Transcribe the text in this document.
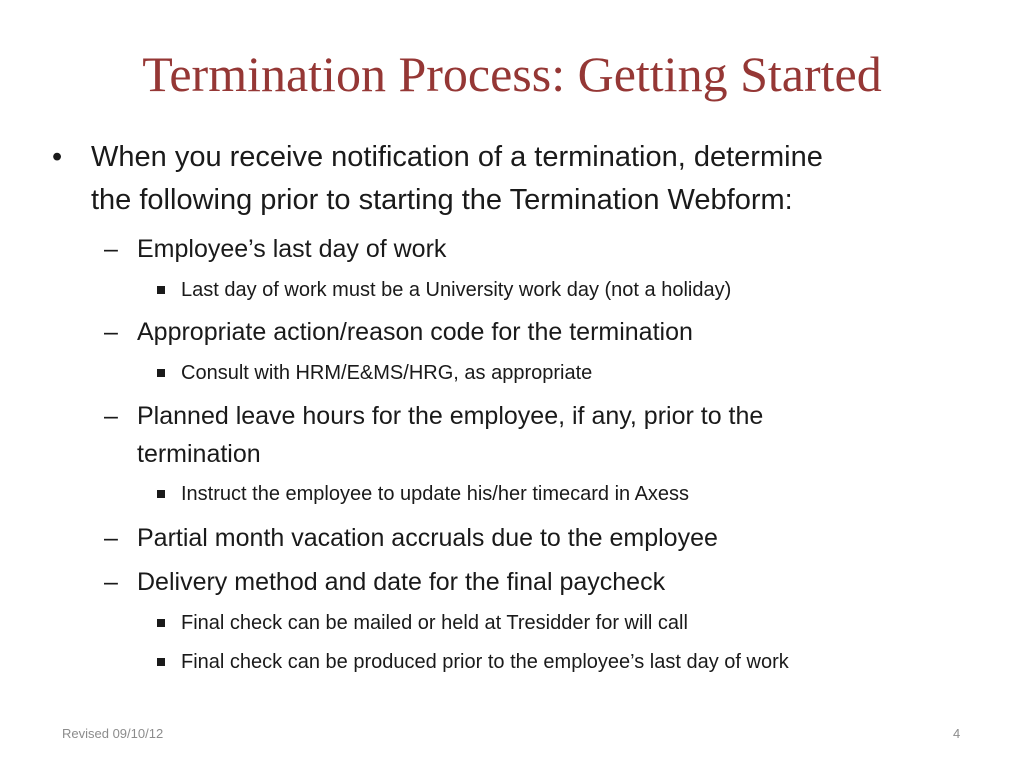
Termination Process: Getting Started
• When you receive notification of a termination, determine
the following prior to starting the Termination Webform:
– Employee’s last day of work
Last day of work must be a University work day (not a holiday)
– Appropriate action/reason code for the termination
Consult with HRM/E&MS/HRG, as appropriate
– Planned leave hours for the employee, if any, prior to the
termination
Instruct the employee to update his/her timecard in Axess
– Partial month vacation accruals due to the employee
– Delivery method and date for the final paycheck
Final check can be mailed or held at Tresidder for will call
Final check can be produced prior to the employee’s last day of work
Revised 09/10/12	4
